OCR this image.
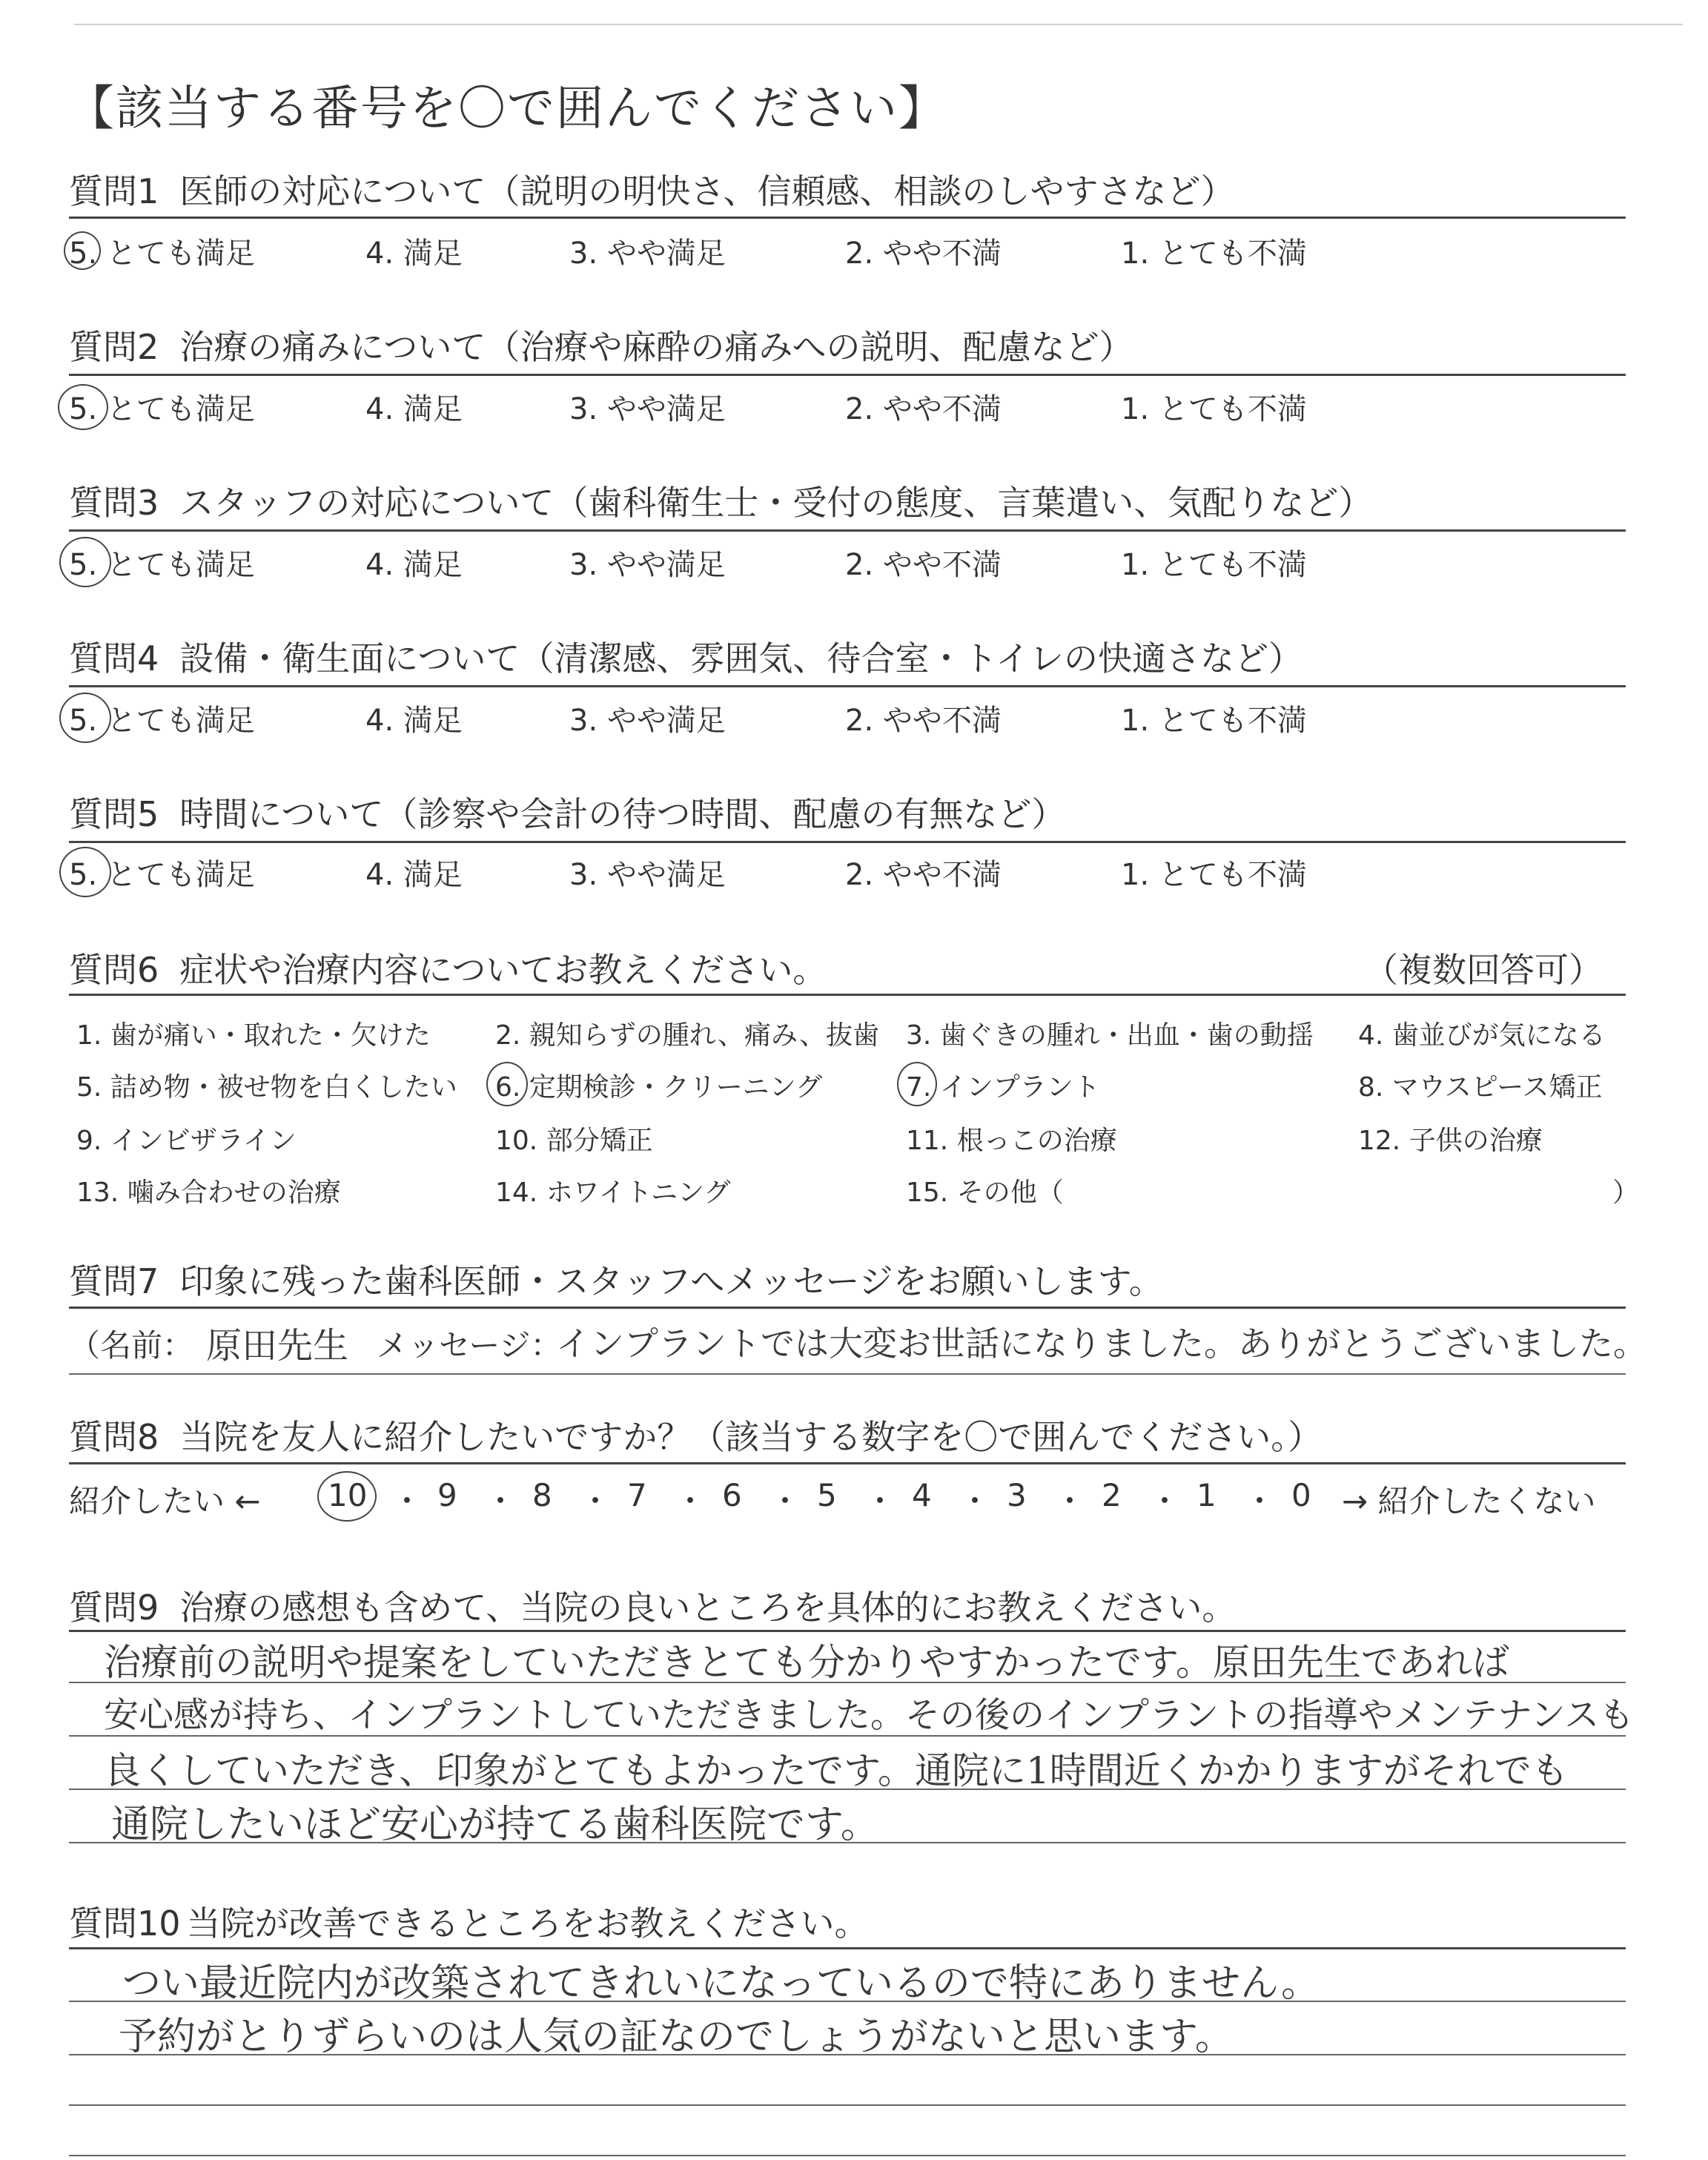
【該当する番号を〇で囲んでください】
質問1 医師の対応について（説明の明快さ、信頼感、相談のしやすさなど）
5. とても満足	4. 満足	3. やや満足	2. やや不満	1. とても不満
質問2 治療の痛みについて（治療や麻酔の痛みへの説明、配慮など）
5. とても満足	4. 満足	3. やや満足	2. やや不満	1. とても不満
質問3 スタッフの対応について（歯科衛生士・受付の態度、言葉遣い、気配りなど）
5. とても満足	4. 満足	3. やや満足	2. やや不満	1. とても不満
質問4 設備・衛生面について（清潔感、雰囲気、待合室・トイレの快適さなど）
5. とても満足	4. 満足	3. やや満足	2. やや不満	1. とても不満
質問5 時間について（診察や会計の待つ時間、配慮の有無など）
5. とても満足	4. 満足	3. やや満足	2. やや不満	1. とても不満
質問6 症状や治療内容についてお教えください。	（複数回答可）
1. 歯が痛い・取れた・欠けた 2. 親知らずの腫れ、痛み、抜歯 3. 歯ぐきの腫れ・出血・歯の動揺 4. 歯並びが気になる
5. 詰め物・被せ物を白くしたい 6. 定期検診・クリーニング	7. インプラント	8. マウスピース矯正
9. インビザライン	10. 部分矯正	11. 根っこの治療	12. 子供の治療
13. 噛み合わせの治療	14. ホワイトニング	15. その他（	）
質問7 印象に残った歯科医師・スタッフへメッセージをお願いします。
（名前： 原田先生 メッセージ：
インプラントでは大変お世話になりました。ありがとうございました。
質問8 当院を友人に紹介したいですか？（該当する数字を〇で囲んでください。）
紹介したい ←	→ 紹介したくない
10 ・ 9 ・ 8 ・ 7 ・ 6 ・ 5 ・ 4 ・ 3 ・ 2 ・ 1 ・ 0
質問9 治療の感想も含めて、当院の良いところを具体的にお教えください。
治療前の説明や提案をしていただきとても分かりやすかったです。原田先生であれば
安心感が持ち、インプラントしていただきました。その後のインプラントの指導やメンテナンスも
良くしていただき、印象がとてもよかったです。通院に1時間近くかかりますがそれでも
通院したいほど安心が持てる歯科医院です。
質問10 当院が改善できるところをお教えください。
つい最近院内が改築されてきれいになっているので特にありません。
予約がとりずらいのは人気の証なのでしょうがないと思います。
